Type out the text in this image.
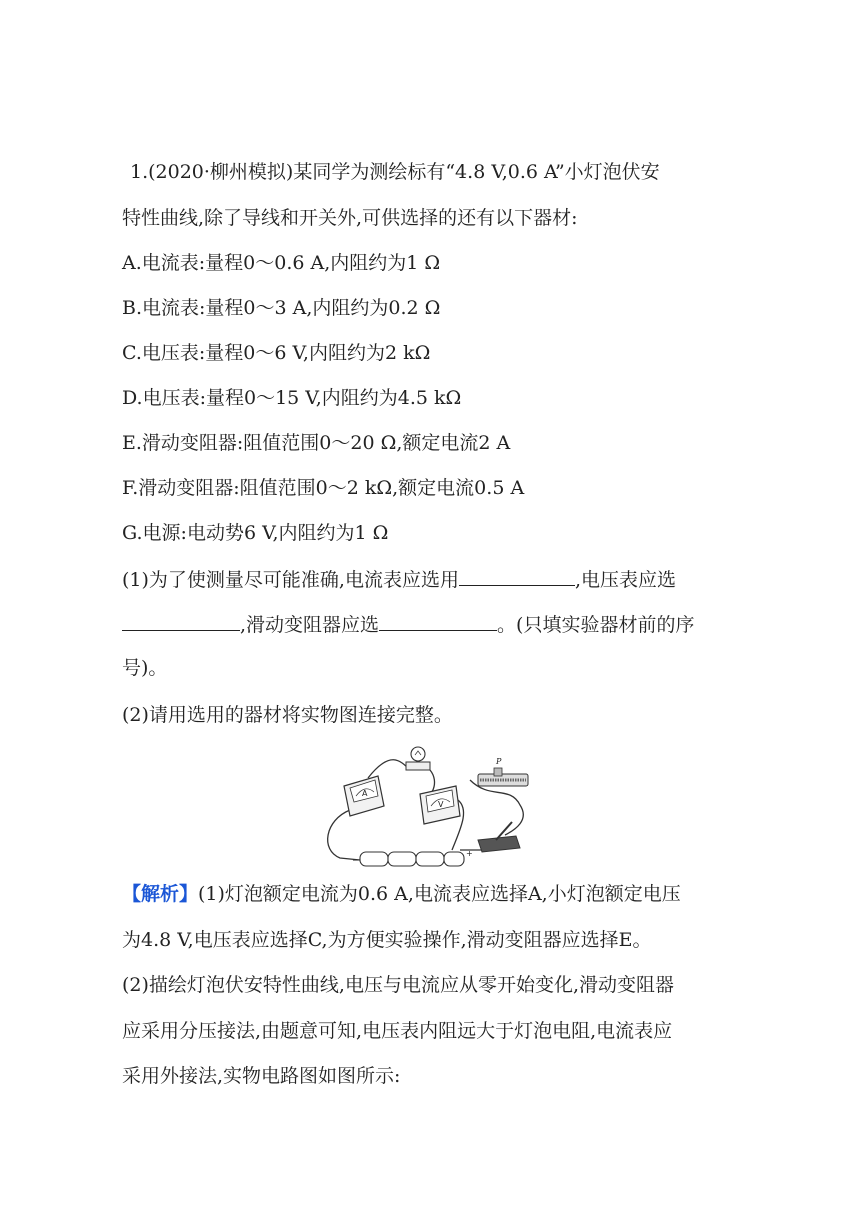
1.(2020·柳州模拟)某同学为测绘标有“4.8 V,0.6 A”小灯泡伏安
特性曲线,除了导线和开关外,可供选择的还有以下器材:
A.电流表:量程0～0.6 A,内阻约为1 Ω
B.电流表:量程0～3 A,内阻约为0.2 Ω
C.电压表:量程0～6 V,内阻约为2 kΩ
D.电压表:量程0～15 V,内阻约为4.5 kΩ
E.滑动变阻器:阻值范围0～20 Ω,额定电流2 A
F.滑动变阻器:阻值范围0～2 kΩ,额定电流0.5 A
G.电源:电动势6 V,内阻约为1 Ω
(1)为了使测量尽可能准确,电流表应选用	,电压表应选
,滑动变阻器应选	。(只填实验器材前的序
号)。
(2)请用选用的器材将实物图连接完整。
A
V
P
−
+
【解析】(1)灯泡额定电流为0.6 A,电流表应选择A,小灯泡额定电压
为4.8 V,电压表应选择C,为方便实验操作,滑动变阻器应选择E。
(2)描绘灯泡伏安特性曲线,电压与电流应从零开始变化,滑动变阻器
应采用分压接法,由题意可知,电压表内阻远大于灯泡电阻,电流表应
采用外接法,实物电路图如图所示:
